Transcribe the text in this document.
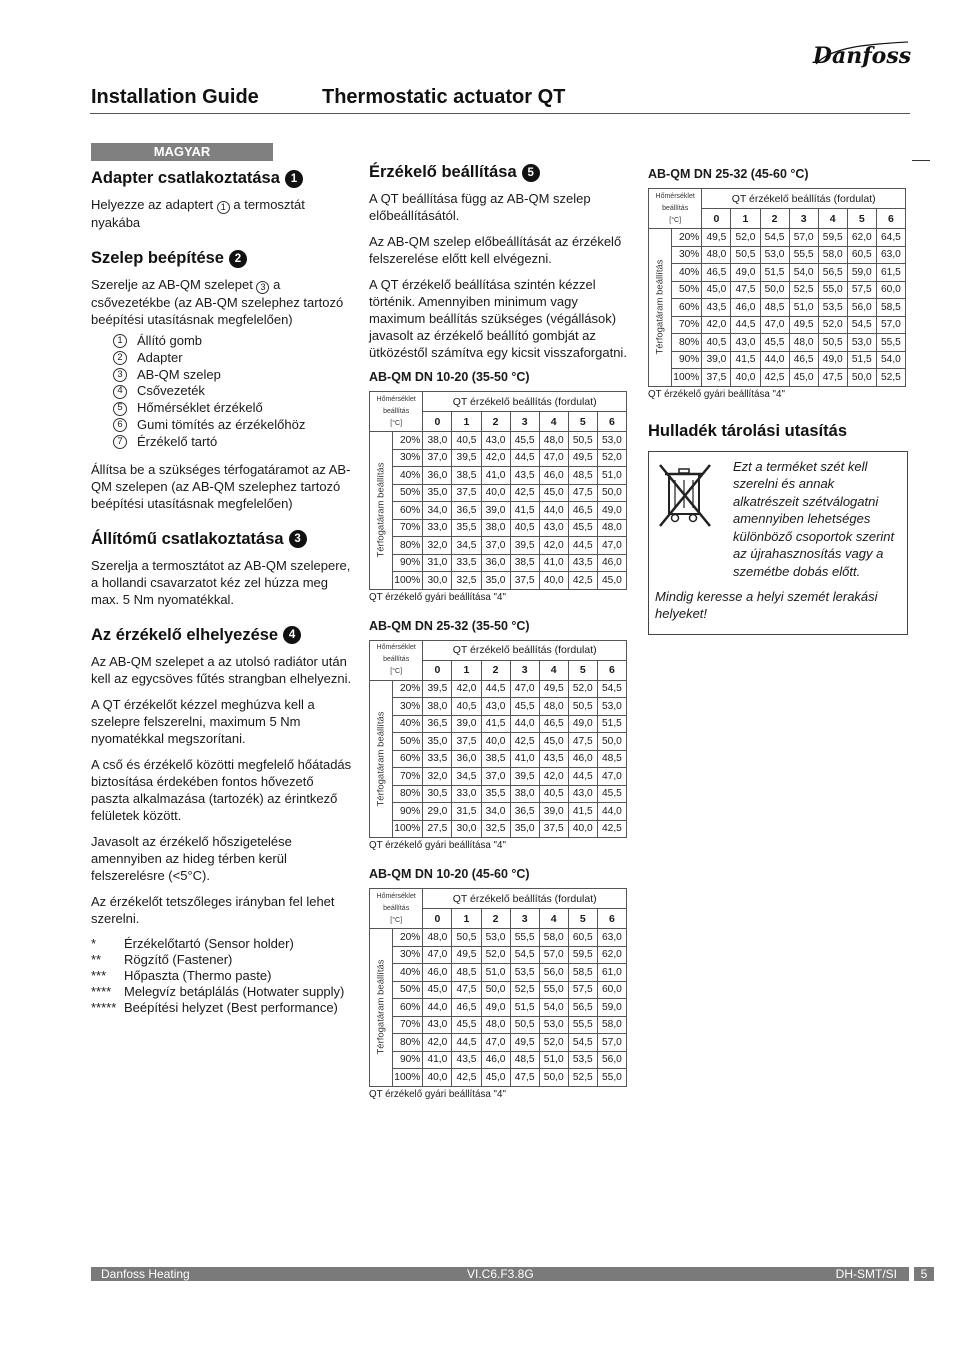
Danfoss
Installation Guide	Thermostatic actuator QT
MAGYAR
Adapter csatlakoztatása 1

Helyezze az adaptert 1 a termosztát nyakába

Szelep beépítése 2

Szerelje az AB-QM szelepet 3 a csővezetékbe (az AB-QM szelephez tartozó beépítési utasításnak megfelelően)

1	Állító gomb
2	Adapter
3	AB-QM szelep
4	Csővezeték
5	Hőmérséklet érzékelő
6	Gumi tömítés az érzékelőhöz
7	Érzékelő tartó

Állítsa be a szükséges térfogatáramot az AB-QM szelepen (az AB-QM szelephez tartozó beépítési utasításnak megfelelően)

Állítómű csatlakoztatása 3

Szerelja a termosztátot az AB-QM szelepere, a hollandi csavarzatot kéz zel húzza meg max. 5 Nm nyomatékkal.

Az érzékelő elhelyezése 4

Az AB-QM szelepet a az utolsó radiátor után kell az egycsöves fűtés strangban elhelyezni.

A QT érzékelőt kézzel meghúzva kell a szelepre felszerelni, maximum 5 Nm nyomatékkal megszorítani.

A cső és érzékelő közötti megfelelő hőátadás biztosítása érdekében fontos hővezető paszta alkalmazása (tartozék) az érintkező felületek között.

Javasolt az érzékelő hőszigetelése amennyiben az hideg térben kerül felszerelésre (<5°C).

Az érzékelőt tetszőleges irányban fel lehet szerelni.

*	Érzékelőtartó (Sensor holder)
**	Rögzítő (Fastener)
***	Hőpaszta (Thermo paste)
**** Melegvíz betáplálás (Hotwater supply)
***** Beépítési helyzet (Best performance)
Érzékelő beállítása 5

A QT beállítása függ az AB-QM szelep előbeállításától.

Az AB-QM szelep előbeállítását az érzékelő felszerelése előtt kell elvégezni.

A QT érzékelő beállítása szintén kézzel történik. Amennyiben minimum vagy maximum beállítás szükséges (végállások) javasolt az érzékelő beállító gombját az ütközéstől számítva egy kicsit visszaforgatni.

AB-QM DN 10-20 (35-50 °C)
Hőmérséklet
beállítás
[°C]		QT érzékelő beállítás (fordulat)						
		0	1	2	3	4	5	6

Térfogatáram beállítás	20%	38,0	40,5	43,0	45,5	48,0	50,5	53,0
	30%	37,0	39,5	42,0	44,5	47,0	49,5	52,0
	40%	36,0	38,5	41,0	43,5	46,0	48,5	51,0
	50%	35,0	37,5	40,0	42,5	45,0	47,5	50,0
	60%	34,0	36,5	39,0	41,5	44,0	46,5	49,0
	70%	33,0	35,5	38,0	40,5	43,0	45,5	48,0
	80%	32,0	34,5	37,0	39,5	42,0	44,5	47,0
	90%	31,0	33,5	36,0	38,5	41,0	43,5	46,0
	100%	30,0	32,5	35,0	37,5	40,0	42,5	45,0
QT érzékelő gyári beállítása "4"
AB-QM DN 25-32 (35-50 °C)
Hőmérséklet
beállítás
[°C]		QT érzékelő beállítás (fordulat)						
		0	1	2	3	4	5	6

Térfogatáram beállítás	20%	39,5	42,0	44,5	47,0	49,5	52,0	54,5
	30%	38,0	40,5	43,0	45,5	48,0	50,5	53,0
	40%	36,5	39,0	41,5	44,0	46,5	49,0	51,5
	50%	35,0	37,5	40,0	42,5	45,0	47,5	50,0
	60%	33,5	36,0	38,5	41,0	43,5	46,0	48,5
	70%	32,0	34,5	37,0	39,5	42,0	44,5	47,0
	80%	30,5	33,0	35,5	38,0	40,5	43,0	45,5
	90%	29,0	31,5	34,0	36,5	39,0	41,5	44,0
	100%	27,5	30,0	32,5	35,0	37,5	40,0	42,5
QT érzékelő gyári beállítása "4"
AB-QM DN 10-20 (45-60 °C)
Hőmérséklet
beállítás
[°C]		QT érzékelő beállítás (fordulat)						
		0	1	2	3	4	5	6

Térfogatáram beállítás	20%	48,0	50,5	53,0	55,5	58,0	60,5	63,0
	30%	47,0	49,5	52,0	54,5	57,0	59,5	62,0
	40%	46,0	48,5	51,0	53,5	56,0	58,5	61,0
	50%	45,0	47,5	50,0	52,5	55,0	57,5	60,0
	60%	44,0	46,5	49,0	51,5	54,0	56,5	59,0
	70%	43,0	45,5	48,0	50,5	53,0	55,5	58,0
	80%	42,0	44,5	47,0	49,5	52,0	54,5	57,0
	90%	41,0	43,5	46,0	48,5	51,0	53,5	56,0
	100%	40,0	42,5	45,0	47,5	50,0	52,5	55,0
QT érzékelő gyári beállítása "4"
AB-QM DN 25-32 (45-60 °C)
Hőmérséklet
beállítás
[°C]		QT érzékelő beállítás (fordulat)						
		0	1	2	3	4	5	6

Térfogatáram beállítás	20%	49,5	52,0	54,5	57,0	59,5	62,0	64,5
	30%	48,0	50,5	53,0	55,5	58,0	60,5	63,0
	40%	46,5	49,0	51,5	54,0	56,5	59,0	61,5
	50%	45,0	47,5	50,0	52,5	55,0	57,5	60,0
	60%	43,5	46,0	48,5	51,0	53,5	56,0	58,5
	70%	42,0	44,5	47,0	49,5	52,0	54,5	57,0
	80%	40,5	43,0	45,5	48,0	50,5	53,0	55,5
	90%	39,0	41,5	44,0	46,5	49,0	51,5	54,0
	100%	37,5	40,0	42,5	45,0	47,5	50,0	52,5
QT érzékelő gyári beállítása "4"
Hulladék tárolási utasítás
Ezt a terméket szét kell szerelni és annak alkatrészeit szétválogatni amennyiben lehetséges különböző csoportok szerint az újrahasznosítás vagy a szemétbe dobás előtt.
Mindig keresse a helyi szemét lerakási helyeket!
Danfoss Heating	VI.C6.F3.8G	DH-SMT/SI	5
